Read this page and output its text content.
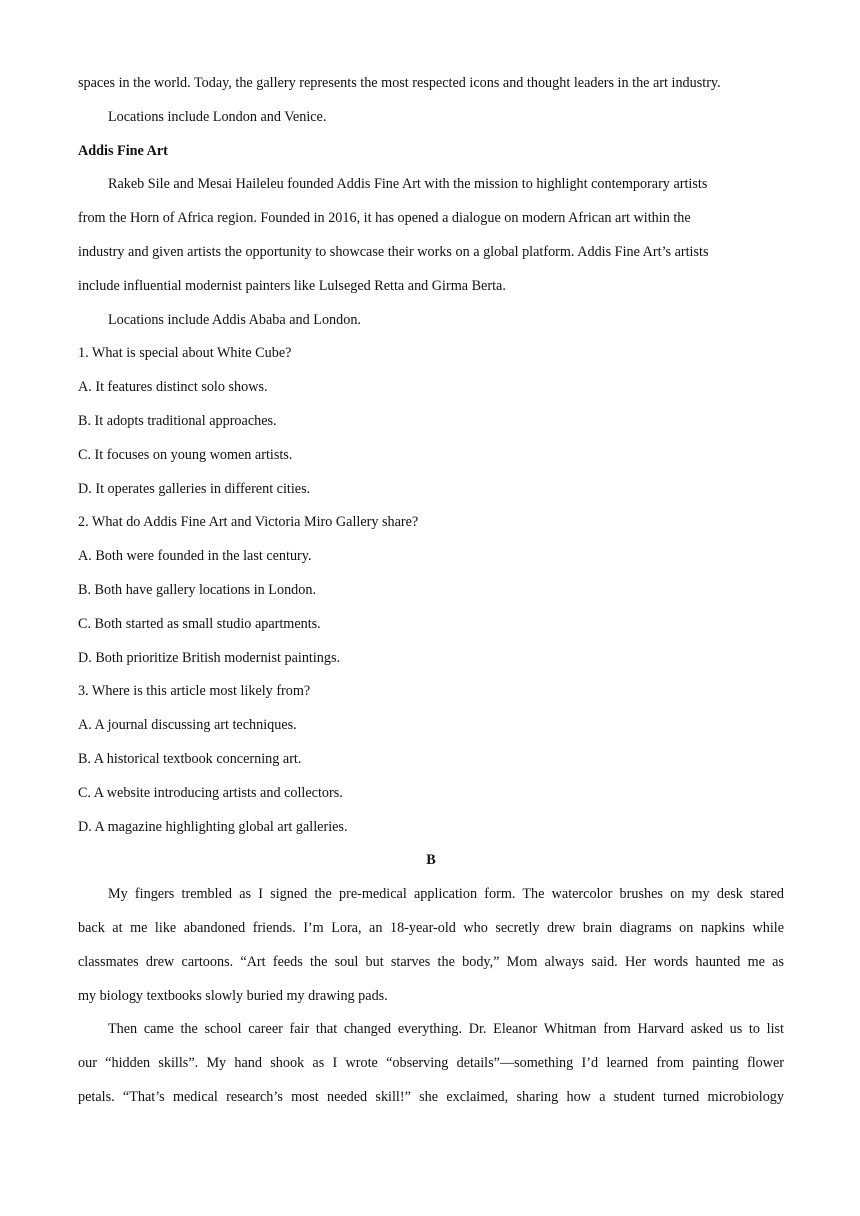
spaces in the world. Today, the gallery represents the most respected icons and thought leaders in the art industry.
Locations include London and Venice.
Addis Fine Art
Rakeb Sile and Mesai Haileleu founded Addis Fine Art with the mission to highlight contemporary artists
from the Horn of Africa region. Founded in 2016, it has opened a dialogue on modern African art within the
industry and given artists the opportunity to showcase their works on a global platform. Addis Fine Art’s artists
include influential modernist painters like Lulseged Retta and Girma Berta.
Locations include Addis Ababa and London.
1. What is special about White Cube?
A. It features distinct solo shows.
B. It adopts traditional approaches.
C. It focuses on young women artists.
D. It operates galleries in different cities.
2. What do Addis Fine Art and Victoria Miro Gallery share?
A. Both were founded in the last century.
B. Both have gallery locations in London.
C. Both started as small studio apartments.
D. Both prioritize British modernist paintings.
3. Where is this article most likely from?
A. A journal discussing art techniques.
B. A historical textbook concerning art.
C. A website introducing artists and collectors.
D. A magazine highlighting global art galleries.
B
My fingers trembled as I signed the pre-medical application form. The watercolor brushes on my desk stared
back at me like abandoned friends. I’m Lora, an 18-year-old who secretly drew brain diagrams on napkins while
classmates drew cartoons. “Art feeds the soul but starves the body,” Mom always said. Her words haunted me as
my biology textbooks slowly buried my drawing pads.
Then came the school career fair that changed everything. Dr. Eleanor Whitman from Harvard asked us to list
our “hidden skills”. My hand shook as I wrote “observing details”—something I’d learned from painting flower
petals. “That’s medical research’s most needed skill!” she exclaimed, sharing how a student turned microbiology
